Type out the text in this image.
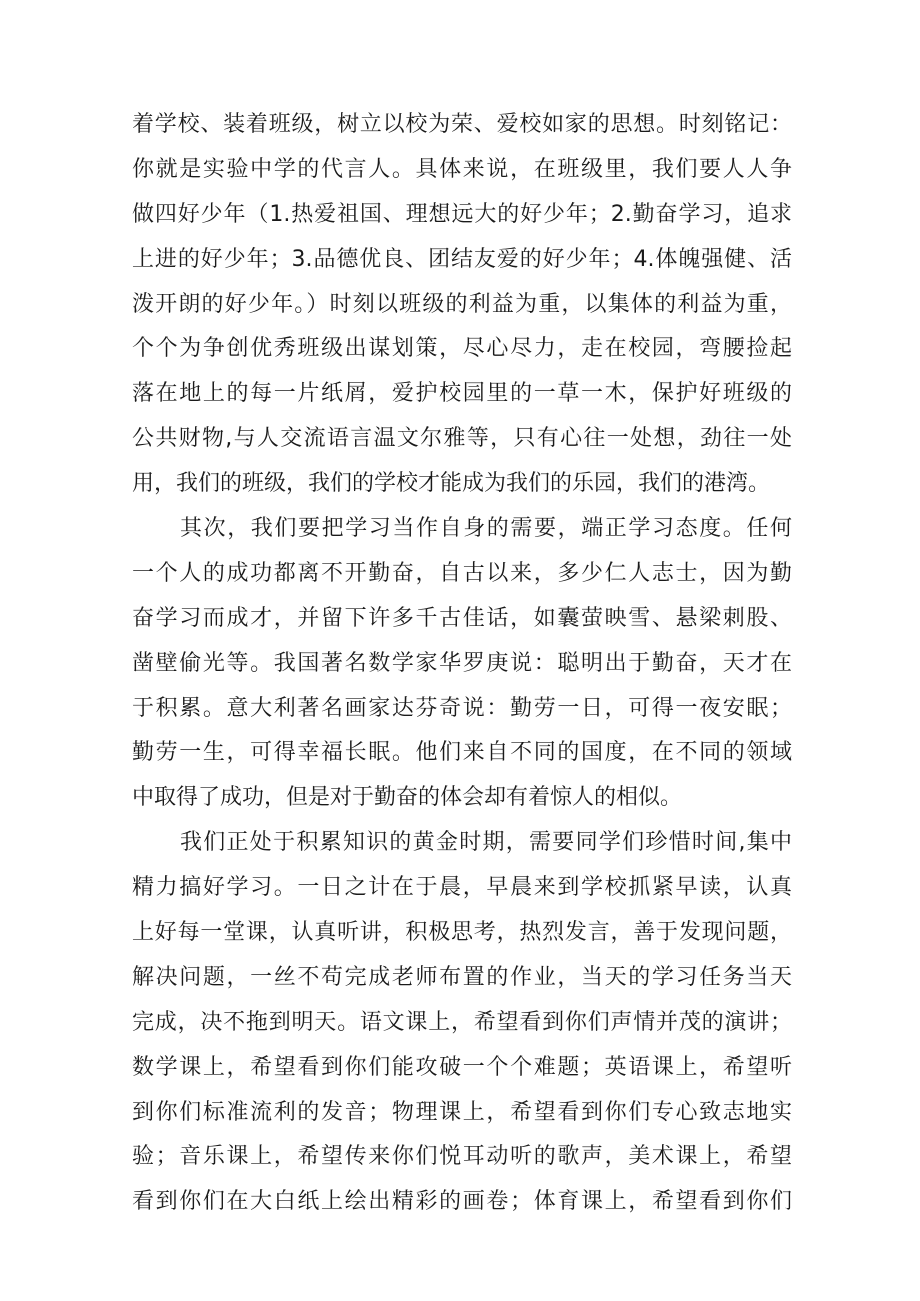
着学校、装着班级，树立以校为荣、爱校如家的思想。时刻铭记：
你就是实验中学的代言人。具体来说，在班级里，我们要人人争
做四好少年（1.热爱祖国、理想远大的好少年；2.勤奋学习，追求
上进的好少年；3.品德优良、团结友爱的好少年；4.体魄强健、活
泼开朗的好少年。）时刻以班级的利益为重，以集体的利益为重，
个个为争创优秀班级出谋划策，尽心尽力，走在校园，弯腰捡起
落在地上的每一片纸屑，爱护校园里的一草一木，保护好班级的
公共财物,与人交流语言温文尔雅等，只有心往一处想，劲往一处
用，我们的班级，我们的学校才能成为我们的乐园，我们的港湾。
其次，我们要把学习当作自身的需要，端正学习态度。任何
一个人的成功都离不开勤奋，自古以来，多少仁人志士，因为勤
奋学习而成才，并留下许多千古佳话，如囊萤映雪、悬梁刺股、
凿壁偷光等。我国著名数学家华罗庚说：聪明出于勤奋，天才在
于积累。意大利著名画家达芬奇说：勤劳一日，可得一夜安眠；
勤劳一生，可得幸福长眠。他们来自不同的国度，在不同的领域
中取得了成功，但是对于勤奋的体会却有着惊人的相似。
我们正处于积累知识的黄金时期，需要同学们珍惜时间,集中
精力搞好学习。一日之计在于晨，早晨来到学校抓紧早读，认真
上好每一堂课，认真听讲，积极思考，热烈发言，善于发现问题，
解决问题，一丝不苟完成老师布置的作业，当天的学习任务当天
完成，决不拖到明天。语文课上，希望看到你们声情并茂的演讲；
数学课上，希望看到你们能攻破一个个难题；英语课上，希望听
到你们标准流利的发音；物理课上，希望看到你们专心致志地实
验；音乐课上，希望传来你们悦耳动听的歌声，美术课上，希望
看到你们在大白纸上绘出精彩的画卷；体育课上，希望看到你们
